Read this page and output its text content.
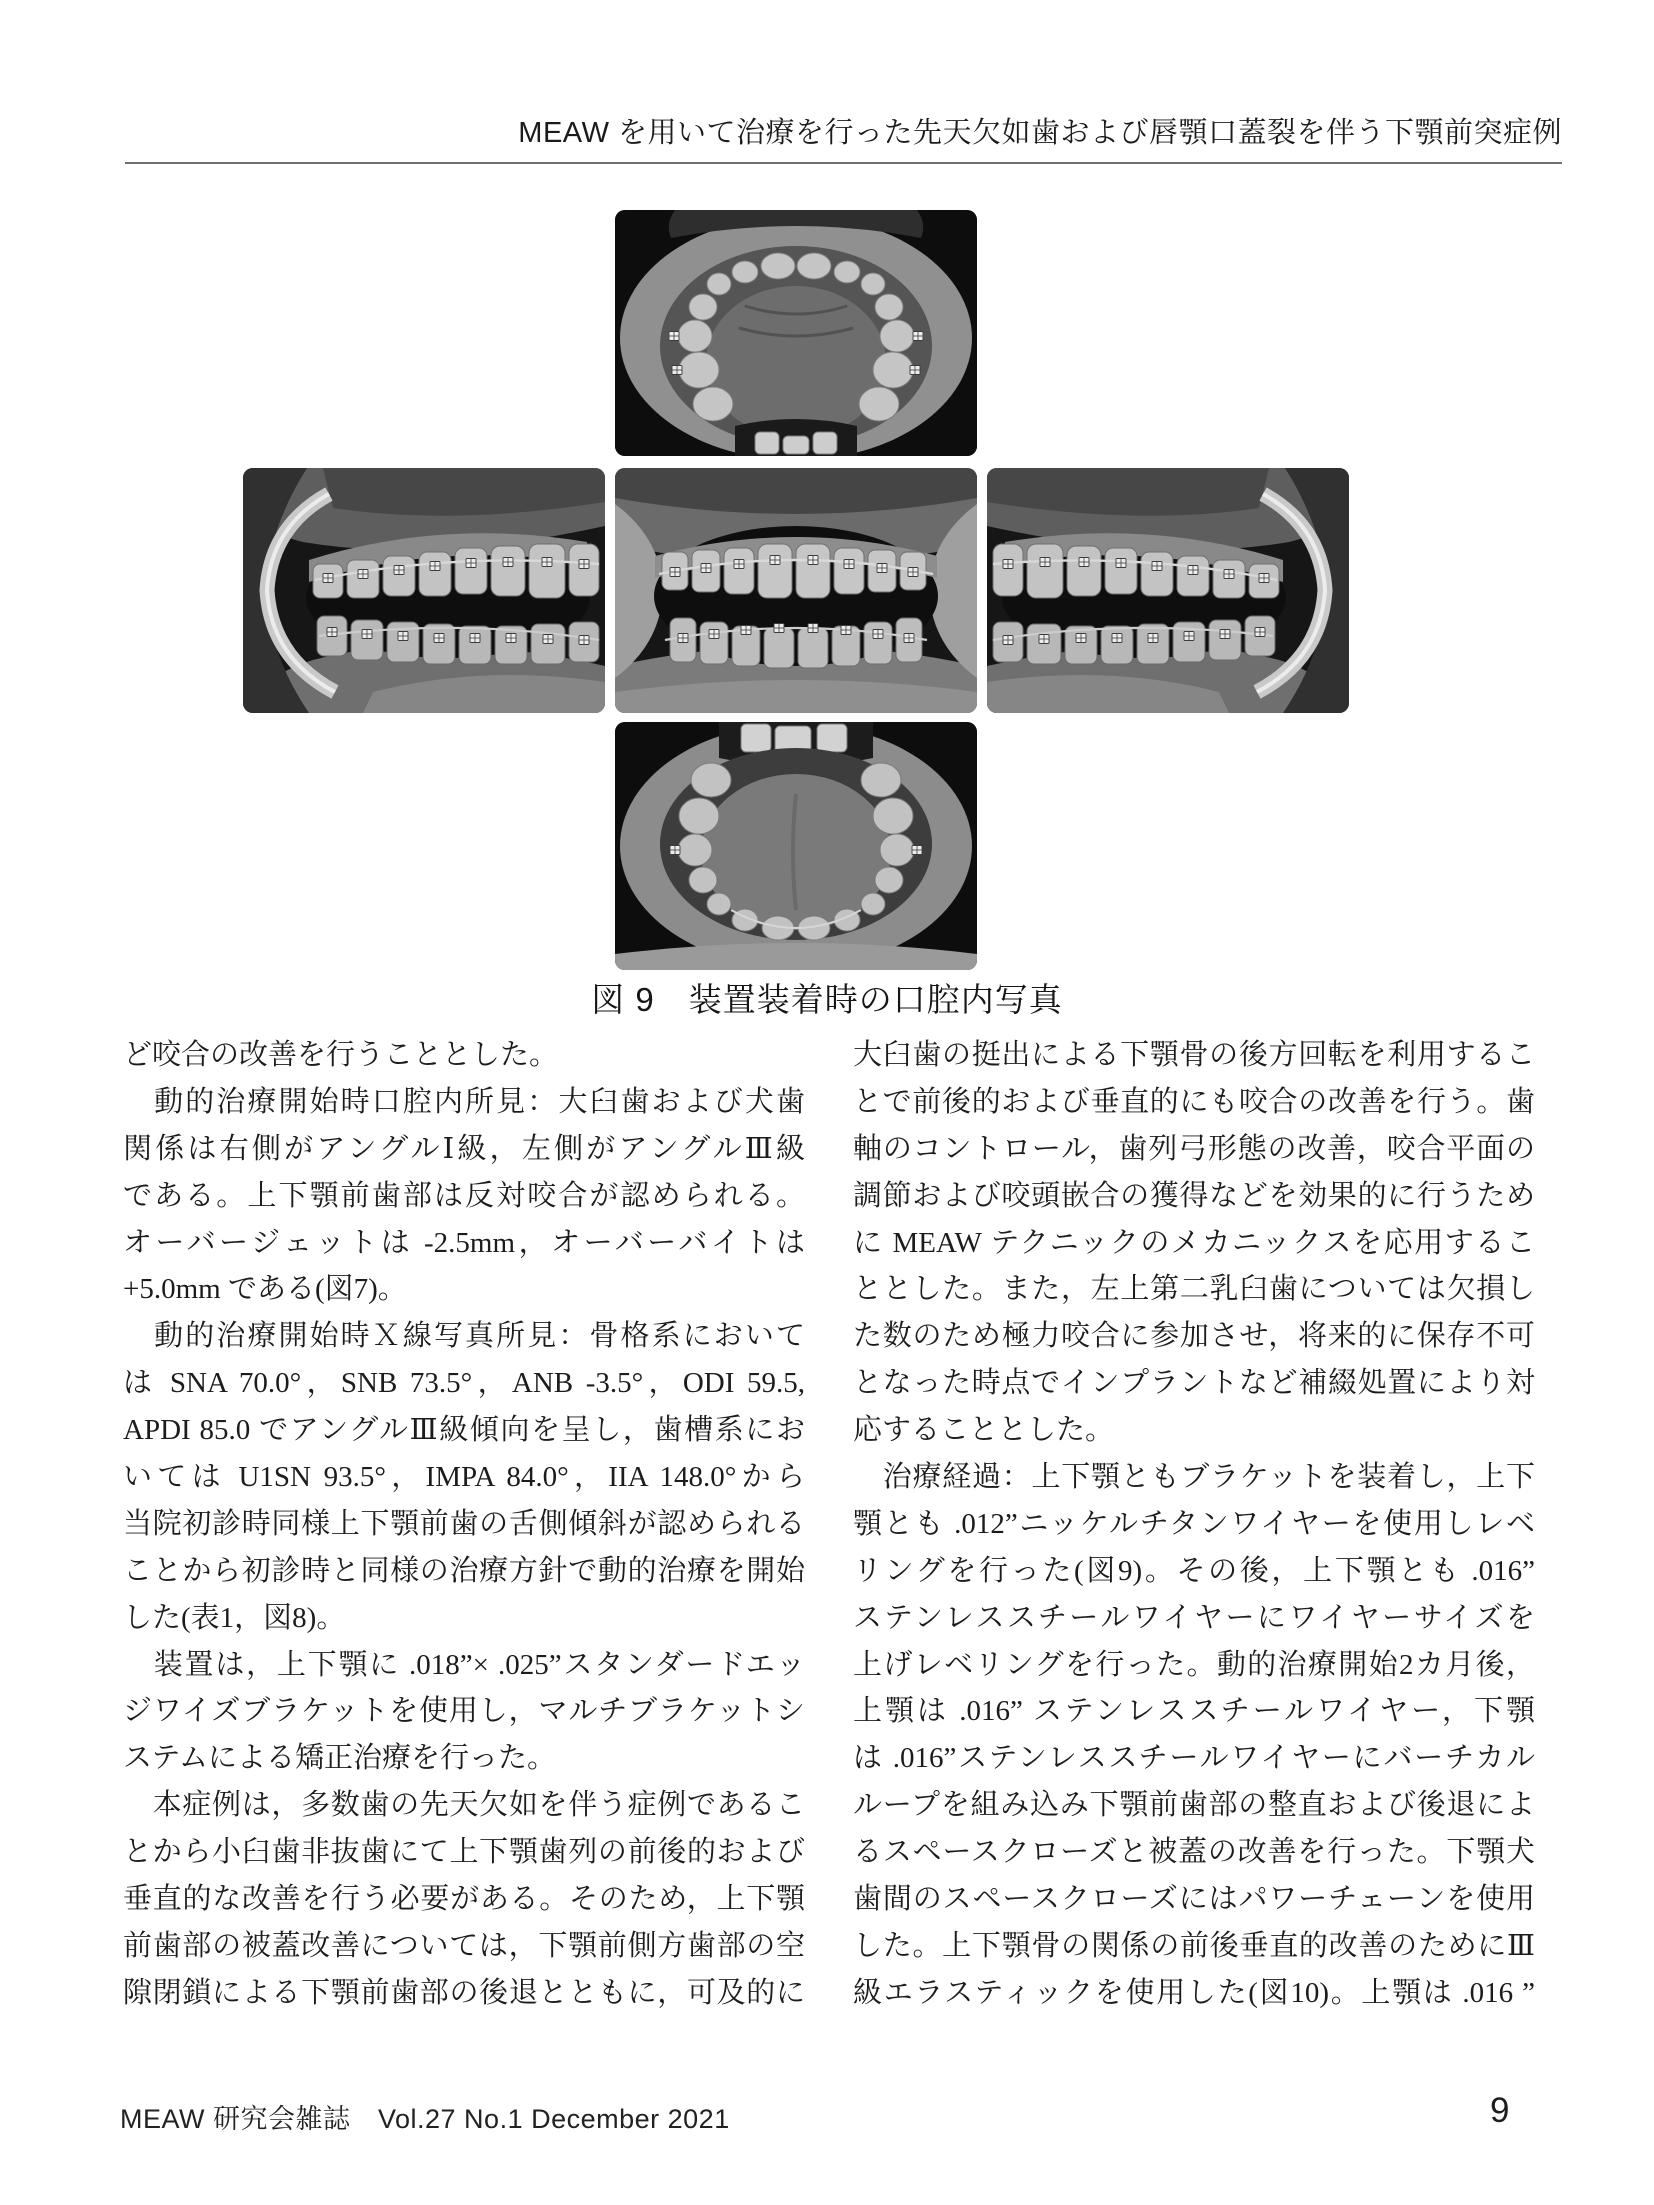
MEAW を用いて治療を行った先天欠如歯および唇顎口蓋裂を伴う下顎前突症例
図 9　装置装着時の口腔内写真
ど咬合の改善を行うこととした。
　動的治療開始時口腔内所見：大臼歯および犬歯
関係は右側がアングルⅠ級，左側がアングルⅢ級
である。上下顎前歯部は反対咬合が認められる。
オーバージェットは -2.5mm，オーバーバイトは
+5.0mm である(図7)。
　動的治療開始時Ｘ線写真所見：骨格系において
は SNA 70.0°，SNB 73.5°，ANB -3.5°，ODI 59.5,
APDI 85.0 でアングルⅢ級傾向を呈し，歯槽系にお
いては U1SN 93.5°，IMPA 84.0°，IIA 148.0°から
当院初診時同様上下顎前歯の舌側傾斜が認められる
ことから初診時と同様の治療方針で動的治療を開始
した(表1，図8)。
　装置は，上下顎に .018”× .025”スタンダードエッ
ジワイズブラケットを使用し，マルチブラケットシ
ステムによる矯正治療を行った。
　本症例は，多数歯の先天欠如を伴う症例であるこ
とから小臼歯非抜歯にて上下顎歯列の前後的および
垂直的な改善を行う必要がある。そのため，上下顎
前歯部の被蓋改善については，下顎前側方歯部の空
隙閉鎖による下顎前歯部の後退とともに，可及的に
大臼歯の挺出による下顎骨の後方回転を利用するこ
とで前後的および垂直的にも咬合の改善を行う。歯
軸のコントロール，歯列弓形態の改善，咬合平面の
調節および咬頭嵌合の獲得などを効果的に行うため
に MEAW テクニックのメカニックスを応用するこ
ととした。また，左上第二乳臼歯については欠損し
た数のため極力咬合に参加させ，将来的に保存不可
となった時点でインプラントなど補綴処置により対
応することとした。
　治療経過：上下顎ともブラケットを装着し，上下
顎とも .012”ニッケルチタンワイヤーを使用しレベ
リングを行った(図9)。その後，上下顎とも .016”
ステンレススチールワイヤーにワイヤーサイズを
上げレベリングを行った。動的治療開始2カ月後，
上顎は .016” ステンレススチールワイヤー，下顎
は .016”ステンレススチールワイヤーにバーチカル
ループを組み込み下顎前歯部の整直および後退によ
るスペースクローズと被蓋の改善を行った。下顎犬
歯間のスペースクローズにはパワーチェーンを使用
した。上下顎骨の関係の前後垂直的改善のためにⅢ
級エラスティックを使用した(図10)。上顎は .016 ”
MEAW 研究会雑誌　Vol.27 No.1 December 2021	9
